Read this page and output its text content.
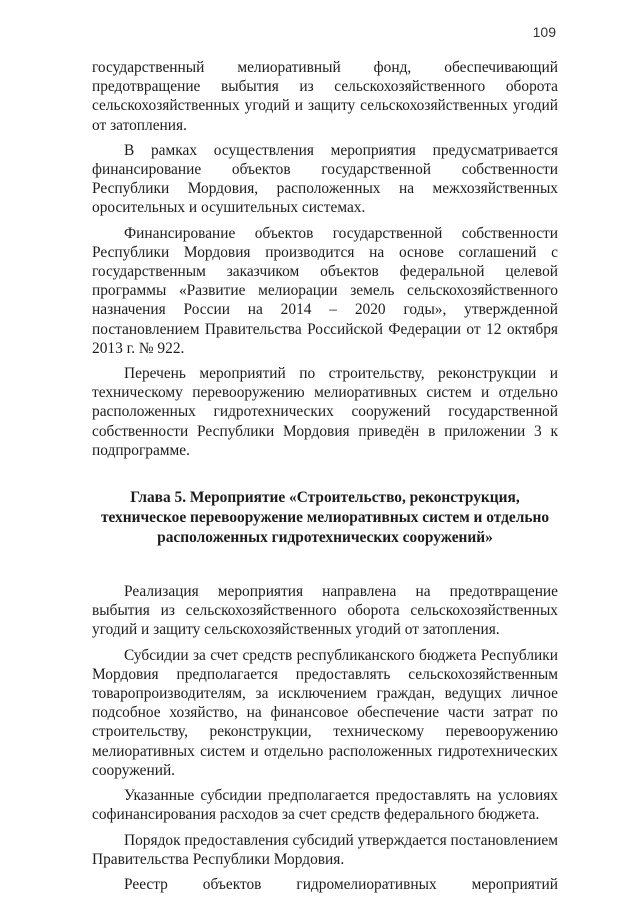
109

государственный мелиоративный фонд, обеспечивающий предотвращение выбытия из сельскохозяйственного оборота сельскохозяйственных угодий и защиту сельскохозяйственных угодий от затопления.

В рамках осуществления мероприятия предусматривается финансирование объектов государственной собственности Республики Мордовия, расположенных на межхозяйственных оросительных и осушительных системах.

Финансирование объектов государственной собственности Республики Мордовия производится на основе соглашений с государственным заказчиком объектов федеральной целевой программы «Развитие мелиорации земель сельскохозяйственного назначения России на 2014 – 2020 годы», утвержденной постановлением Правительства Российской Федерации от 12 октября 2013 г. № 922.

Перечень мероприятий по строительству, реконструкции и техническому перевооружению мелиоративных систем и отдельно расположенных гидротехнических сооружений государственной собственности Республики Мордовия приведён в приложении 3 к подпрограмме.

Глава 5. Мероприятие «Строительство, реконструкция,
техническое перевооружение мелиоративных систем и отдельно
расположенных гидротехнических сооружений»

Реализация мероприятия направлена на предотвращение выбытия из сельскохозяйственного оборота сельскохозяйственных угодий и защиту сельскохозяйственных угодий от затопления.

Субсидии за счет средств республиканского бюджета Республики Мордовия предполагается предоставлять сельскохозяйственным товаропроизводителям, за исключением граждан, ведущих личное подсобное хозяйство, на финансовое обеспечение части затрат по строительству, реконструкции, техническому перевооружению мелиоративных систем и отдельно расположенных гидротехнических сооружений.

Указанные субсидии предполагается предоставлять на условиях софинансирования расходов за счет средств федерального бюджета.

Порядок предоставления субсидий утверждается постановлением Правительства Республики Мордовия.

Реестр объектов гидромелиоративных мероприятий
